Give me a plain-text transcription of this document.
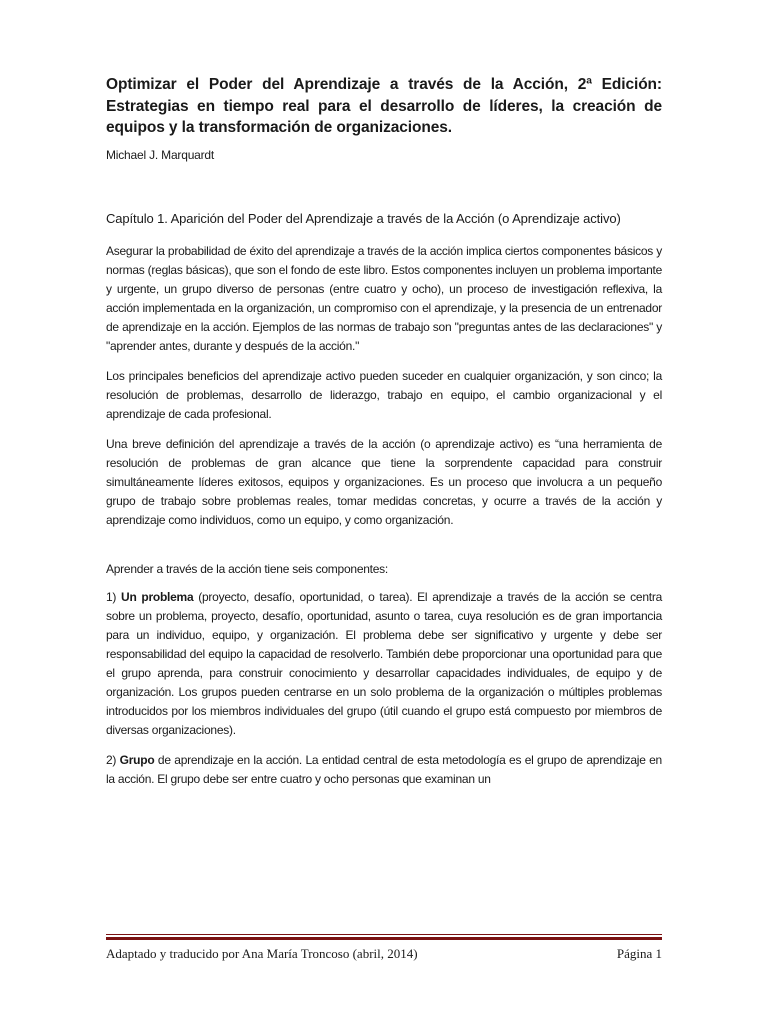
Optimizar el Poder del Aprendizaje a través de la Acción, 2ª Edición: Estrategias en tiempo real para el desarrollo de líderes, la creación de equipos y la transformación de organizaciones.

Michael J. Marquardt

Capítulo 1. Aparición del Poder del Aprendizaje a través de la Acción (o Aprendizaje activo)

Asegurar la probabilidad de éxito del aprendizaje a través de la acción implica ciertos componentes básicos y normas (reglas básicas), que son el fondo de este libro. Estos componentes incluyen un problema importante y urgente, un grupo diverso de personas (entre cuatro y ocho), un proceso de investigación reflexiva, la acción implementada en la organización, un compromiso con el aprendizaje, y la presencia de un entrenador de aprendizaje en la acción. Ejemplos de las normas de trabajo son "preguntas antes de las declaraciones" y "aprender antes, durante y después de la acción."

Los principales beneficios del aprendizaje activo pueden suceder en cualquier organización, y son cinco; la resolución de problemas, desarrollo de liderazgo, trabajo en equipo, el cambio organizacional y el aprendizaje de cada profesional.

Una breve definición del aprendizaje a través de la acción (o aprendizaje activo) es “una herramienta de resolución de problemas de gran alcance que tiene la sorprendente capacidad para construir simultáneamente líderes exitosos, equipos y organizaciones. Es un proceso que involucra a un pequeño grupo de trabajo sobre problemas reales, tomar medidas concretas, y ocurre a través de la acción y aprendizaje como individuos, como un equipo, y como organización.

Aprender a través de la acción tiene seis componentes:

1) Un problema (proyecto, desafío, oportunidad, o tarea). El aprendizaje a través de la acción se centra sobre un problema, proyecto, desafío, oportunidad, asunto o tarea, cuya resolución es de gran importancia para un individuo, equipo, y organización. El problema debe ser significativo y urgente y debe ser responsabilidad del equipo la capacidad de resolverlo. También debe proporcionar una oportunidad para que el grupo aprenda, para construir conocimiento y desarrollar capacidades individuales, de equipo y de organización. Los grupos pueden centrarse en un solo problema de la organización o múltiples problemas introducidos por los miembros individuales del grupo (útil cuando el grupo está compuesto por miembros de diversas organizaciones).

2) Grupo de aprendizaje en la acción. La entidad central de esta metodología es el grupo de aprendizaje en la acción. El grupo debe ser entre cuatro y ocho personas que examinan un

Adaptado y traducido por Ana María Troncoso (abril, 2014)	Página 1
